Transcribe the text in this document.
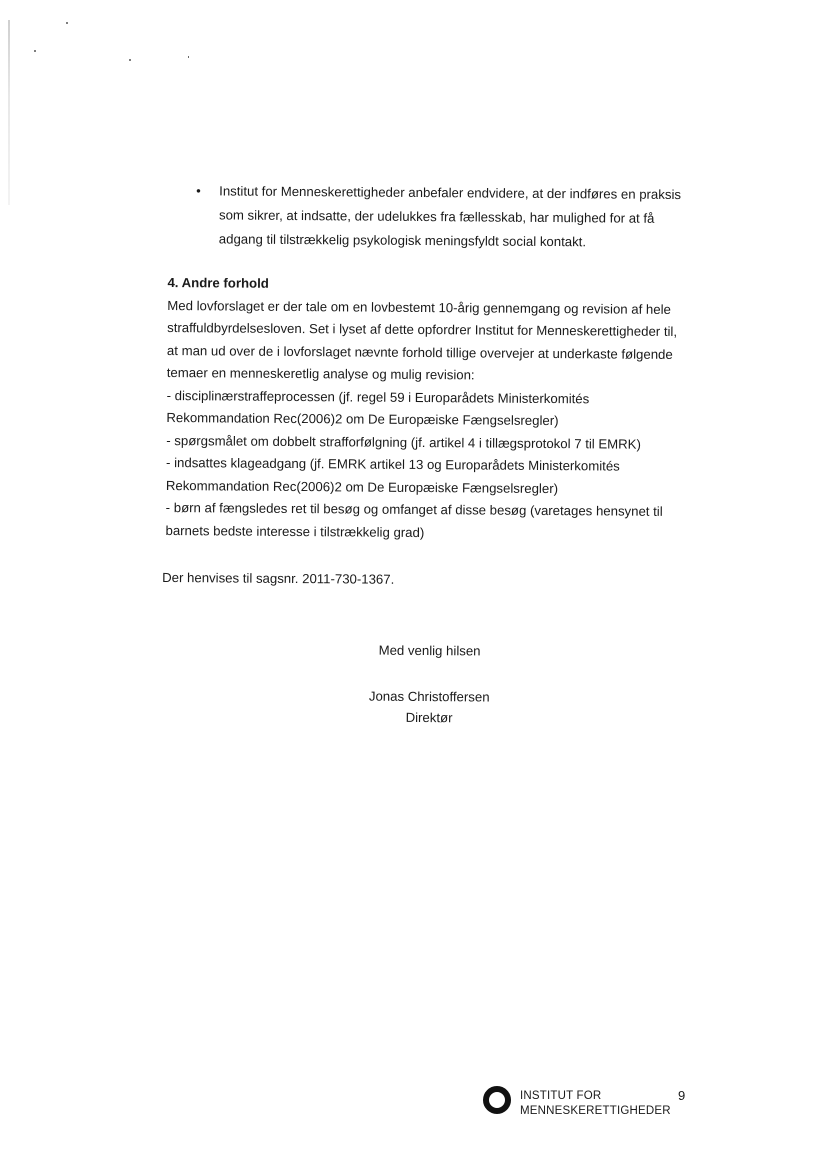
• Institut for Menneskerettigheder anbefaler endvidere, at der indføres en praksis som sikrer, at indsatte, der udelukkes fra fællesskab, har mulighed for at få adgang til tilstrækkelig psykologisk meningsfyldt social kontakt.
4. Andre forhold

Med lovforslaget er der tale om en lovbestemt 10-årig gennemgang og revision af hele

straffuldbyrdelsesloven. Set i lyset af dette opfordrer Institut for Menneskerettigheder til,

at man ud over de i lovforslaget nævnte forhold tillige overvejer at underkaste følgende

temaer en menneskeretlig analyse og mulig revision:

- disciplinærstraffeprocessen (jf. regel 59 i Europarådets Ministerkomités

Rekommandation Rec(2006)2 om De Europæiske Fængselsregler)

- spørgsmålet om dobbelt strafforfølgning (jf. artikel 4 i tillægsprotokol 7 til EMRK)

- indsattes klageadgang (jf. EMRK artikel 13 og Europarådets Ministerkomités

Rekommandation Rec(2006)2 om De Europæiske Fængselsregler)

- børn af fængsledes ret til besøg og omfanget af disse besøg (varetages hensynet til

barnets bedste interesse i tilstrækkelig grad)

Der henvises til sagsnr. 2011-730-1367.
Med venlig hilsen
Jonas Christoffersen
Direktør
INSTITUT FOR
MENNESKERETTIGHEDER
9
